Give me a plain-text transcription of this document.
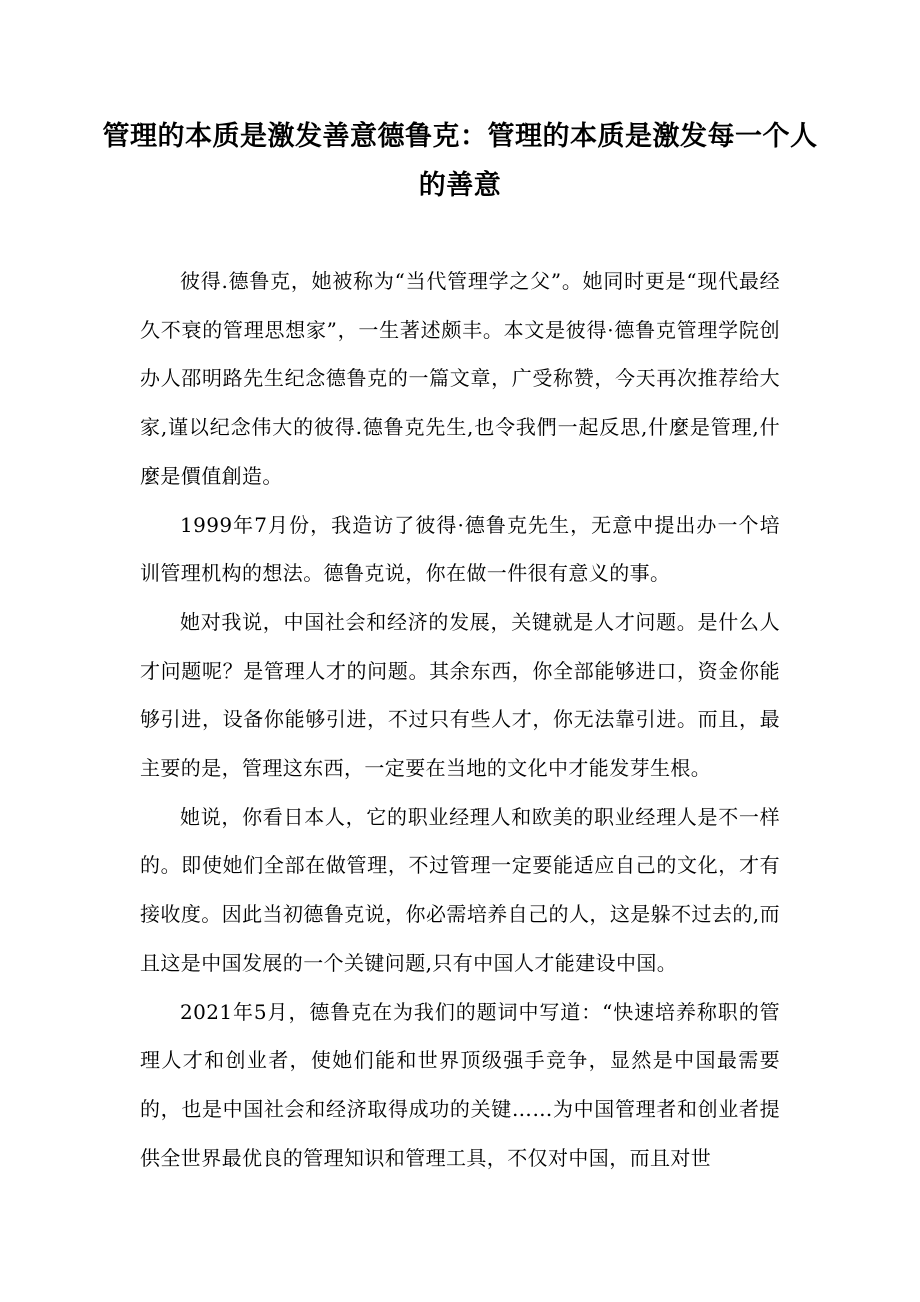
管理的本质是激发善意德鲁克：管理的本质是激发每一个人的善意

彼得.德鲁克，她被称为“当代管理学之父”。她同时更是“现代最经久不衰的管理思想家”，一生著述颇丰。本文是彼得·德鲁克管理学院创办人邵明路先生纪念德鲁克的一篇文章，广受称赞，今天再次推荐给大家,谨以纪念伟大的彼得.德鲁克先生,也令我們一起反思,什麼是管理,什麼是價值創造。

1999年7月份，我造访了彼得·德鲁克先生，无意中提出办一个培训管理机构的想法。德鲁克说，你在做一件很有意义的事。

她对我说，中国社会和经济的发展，关键就是人才问题。是什么人才问题呢？是管理人才的问题。其余东西，你全部能够进口，资金你能够引进，设备你能够引进，不过只有些人才，你无法靠引进。而且，最主要的是，管理这东西，一定要在当地的文化中才能发芽生根。

她说，你看日本人，它的职业经理人和欧美的职业经理人是不一样的。即使她们全部在做管理，不过管理一定要能适应自己的文化，才有接收度。因此当初德鲁克说，你必需培养自己的人，这是躲不过去的,而且这是中国发展的一个关键问题,只有中国人才能建设中国。

2021年5月，德鲁克在为我们的题词中写道：“快速培养称职的管理人才和创业者，使她们能和世界顶级强手竞争，显然是中国最需要的，也是中国社会和经济取得成功的关键……为中国管理者和创业者提供全世界最优良的管理知识和管理工具，不仅对中国，而且对世
